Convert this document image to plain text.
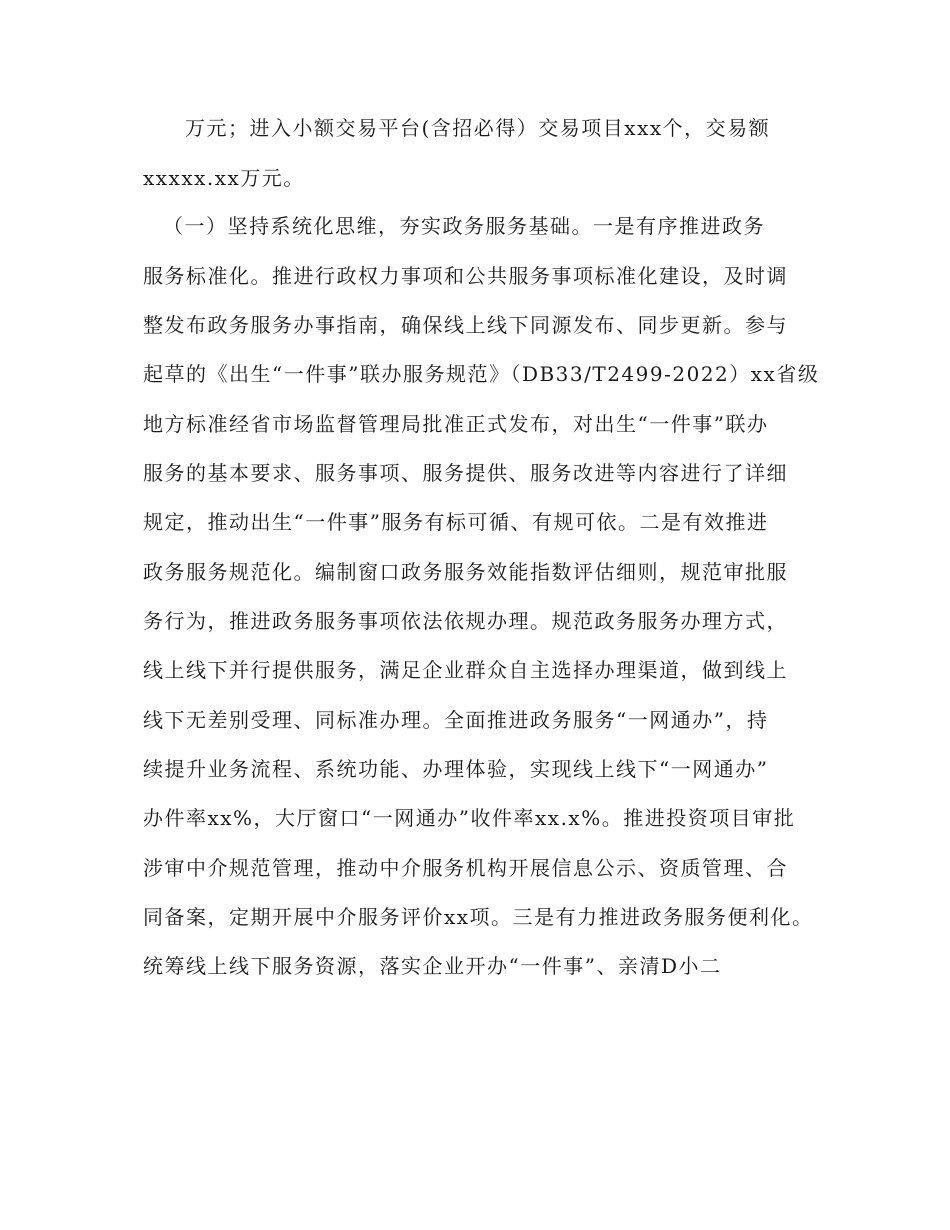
万元；进入小额交易平台(含招必得）交易项目xxx个，交易额
xxxxx.xx万元。
（一）坚持系统化思维，夯实政务服务基础。一是有序推进政务
服务标准化。推进行政权力事项和公共服务事项标准化建设，及时调
整发布政务服务办事指南，确保线上线下同源发布、同步更新。参与
起草的《出生“一件事”联办服务规范》（DB33/T2499-2022）xx省级
地方标准经省市场监督管理局批准正式发布，对出生“一件事”联办
服务的基本要求、服务事项、服务提供、服务改进等内容进行了详细
规定，推动出生“一件事”服务有标可循、有规可依。二是有效推进
政务服务规范化。编制窗口政务服务效能指数评估细则，规范审批服
务行为，推进政务服务事项依法依规办理。规范政务服务办理方式，
线上线下并行提供服务，满足企业群众自主选择办理渠道，做到线上
线下无差别受理、同标准办理。全面推进政务服务“一网通办”，持
续提升业务流程、系统功能、办理体验，实现线上线下“一网通办”
办件率xx%，大厅窗口“一网通办”收件率xx.x%。推进投资项目审批
涉审中介规范管理，推动中介服务机构开展信息公示、资质管理、合
同备案，定期开展中介服务评价xx项。三是有力推进政务服务便利化。
统筹线上线下服务资源，落实企业开办“一件事”、亲清D小二
